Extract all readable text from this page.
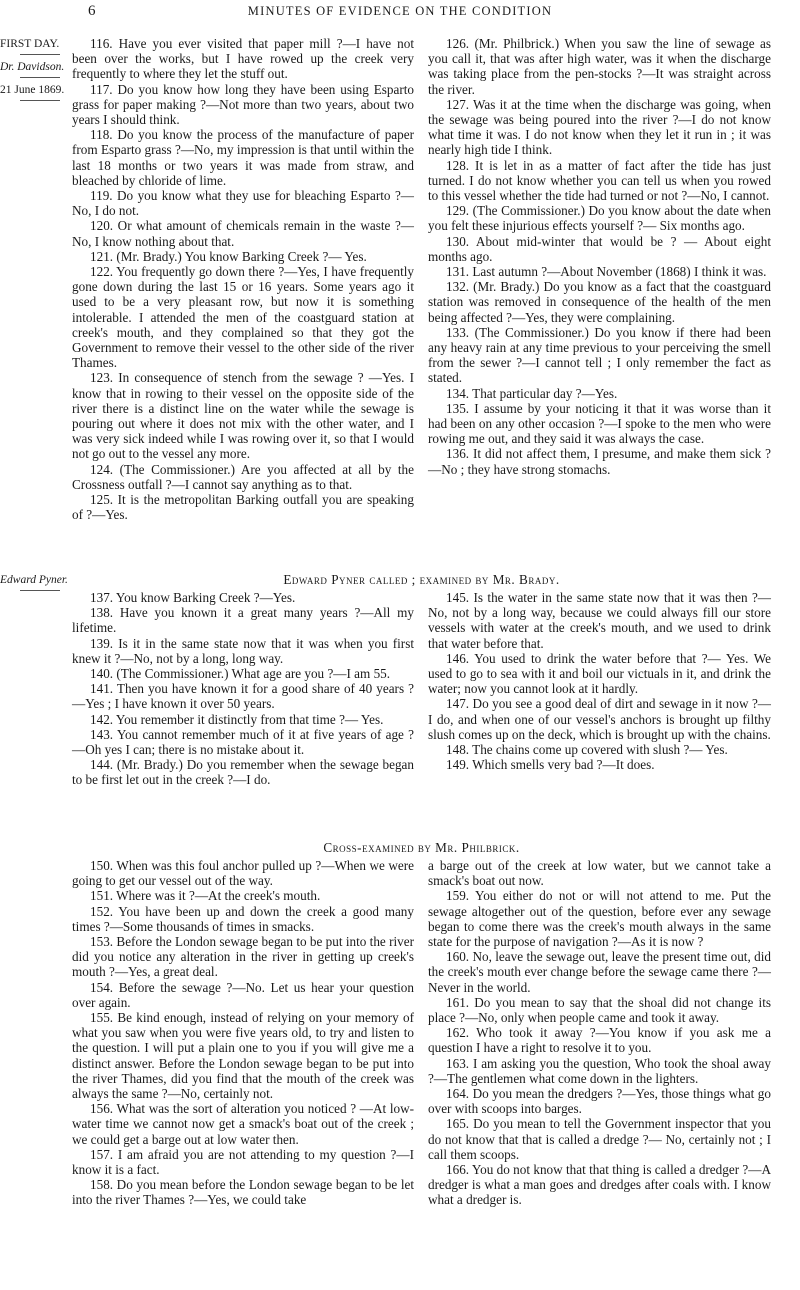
6	MINUTES OF EVIDENCE ON THE CONDITION
FIRST DAY.
Dr. Davidson.
21 June 1869.
Edward Pyner.

116. Have you ever visited that paper mill ?—I have not been over the works, but I have rowed up the creek very frequently to where they let the stuff out.

117. Do you know how long they have been using Esparto grass for paper making ?—Not more than two years, about two years I should think.

118. Do you know the process of the manufacture of paper from Esparto grass ?—No, my impression is that until within the last 18 months or two years it was made from straw, and bleached by chloride of lime.

119. Do you know what they use for bleaching Esparto ?—No, I do not.

120. Or what amount of chemicals remain in the waste ?—No, I know nothing about that.

121. (Mr. Brady.) You know Barking Creek ?— Yes.

122. You frequently go down there ?—Yes, I have frequently gone down during the last 15 or 16 years. Some years ago it used to be a very pleasant row, but now it is something intolerable. I attended the men of the coastguard station at creek's mouth, and they complained so that they got the Government to remove their vessel to the other side of the river Thames.

123. In consequence of stench from the sewage ? —Yes. I know that in rowing to their vessel on the opposite side of the river there is a distinct line on the water while the sewage is pouring out where it does not mix with the other water, and I was very sick indeed while I was rowing over it, so that I would not go out to the vessel any more.

124. (The Commissioner.) Are you affected at all by the Crossness outfall ?—I cannot say anything as to that.

125. It is the metropolitan Barking outfall you are speaking of ?—Yes.

126. (Mr. Philbrick.) When you saw the line of sewage as you call it, that was after high water, was it when the discharge was taking place from the pen-stocks ?—It was straight across the river.

127. Was it at the time when the discharge was going, when the sewage was being poured into the river ?—I do not know what time it was. I do not know when they let it run in ; it was nearly high tide I think.

128. It is let in as a matter of fact after the tide has just turned. I do not know whether you can tell us when you rowed to this vessel whether the tide had turned or not ?—No, I cannot.

129. (The Commissioner.) Do you know about the date when you felt these injurious effects yourself ?— Six months ago.

130. About mid-winter that would be ? — About eight months ago.

131. Last autumn ?—About November (1868) I think it was.

132. (Mr. Brady.) Do you know as a fact that the coastguard station was removed in consequence of the health of the men being affected ?—Yes, they were complaining.

133. (The Commissioner.) Do you know if there had been any heavy rain at any time previous to your perceiving the smell from the sewer ?—I cannot tell ; I only remember the fact as stated.

134. That particular day ?—Yes.

135. I assume by your noticing it that it was worse than it had been on any other occasion ?—I spoke to the men who were rowing me out, and they said it was always the case.

136. It did not affect them, I presume, and make them sick ?—No ; they have strong stomachs.

Edward Pyner called ; examined by Mr. Brady.

137. You know Barking Creek ?—Yes.

138. Have you known it a great many years ?—All my lifetime.

139. Is it in the same state now that it was when you first knew it ?—No, not by a long, long way.

140. (The Commissioner.) What age are you ?—I am 55.

141. Then you have known it for a good share of 40 years ?—Yes ; I have known it over 50 years.

142. You remember it distinctly from that time ?— Yes.

143. You cannot remember much of it at five years of age ?—Oh yes I can; there is no mistake about it.

144. (Mr. Brady.) Do you remember when the sewage began to be first let out in the creek ?—I do.

145. Is the water in the same state now that it was then ?—No, not by a long way, because we could always fill our store vessels with water at the creek's mouth, and we used to drink that water before that.

146. You used to drink the water before that ?— Yes. We used to go to sea with it and boil our victuals in it, and drink the water; now you cannot look at it hardly.

147. Do you see a good deal of dirt and sewage in it now ?—I do, and when one of our vessel's anchors is brought up filthy slush comes up on the deck, which is brought up with the chains.

148. The chains come up covered with slush ?— Yes.

149. Which smells very bad ?—It does.

Cross-examined by Mr. Philbrick.

150. When was this foul anchor pulled up ?—When we were going to get our vessel out of the way.

151. Where was it ?—At the creek's mouth.

152. You have been up and down the creek a good many times ?—Some thousands of times in smacks.

153. Before the London sewage began to be put into the river did you notice any alteration in the river in getting up creek's mouth ?—Yes, a great deal.

154. Before the sewage ?—No. Let us hear your question over again.

155. Be kind enough, instead of relying on your memory of what you saw when you were five years old, to try and listen to the question. I will put a plain one to you if you will give me a distinct answer. Before the London sewage began to be put into the river Thames, did you find that the mouth of the creek was always the same ?—No, certainly not.

156. What was the sort of alteration you noticed ? —At low-water time we cannot now get a smack's boat out of the creek ; we could get a barge out at low water then.

157. I am afraid you are not attending to my question ?—I know it is a fact.

158. Do you mean before the London sewage began to be let into the river Thames ?—Yes, we could take

a barge out of the creek at low water, but we cannot take a smack's boat out now.

159. You either do not or will not attend to me. Put the sewage altogether out of the question, before ever any sewage began to come there was the creek's mouth always in the same state for the purpose of navigation ?—As it is now ?

160. No, leave the sewage out, leave the present time out, did the creek's mouth ever change before the sewage came there ?—Never in the world.

161. Do you mean to say that the shoal did not change its place ?—No, only when people came and took it away.

162. Who took it away ?—You know if you ask me a question I have a right to resolve it to you.

163. I am asking you the question, Who took the shoal away ?—The gentlemen what come down in the lighters.

164. Do you mean the dredgers ?—Yes, those things what go over with scoops into barges.

165. Do you mean to tell the Government inspector that you do not know that that is called a dredge ?— No, certainly not ; I call them scoops.

166. You do not know that that thing is called a dredger ?—A dredger is what a man goes and dredges after coals with. I know what a dredger is.
